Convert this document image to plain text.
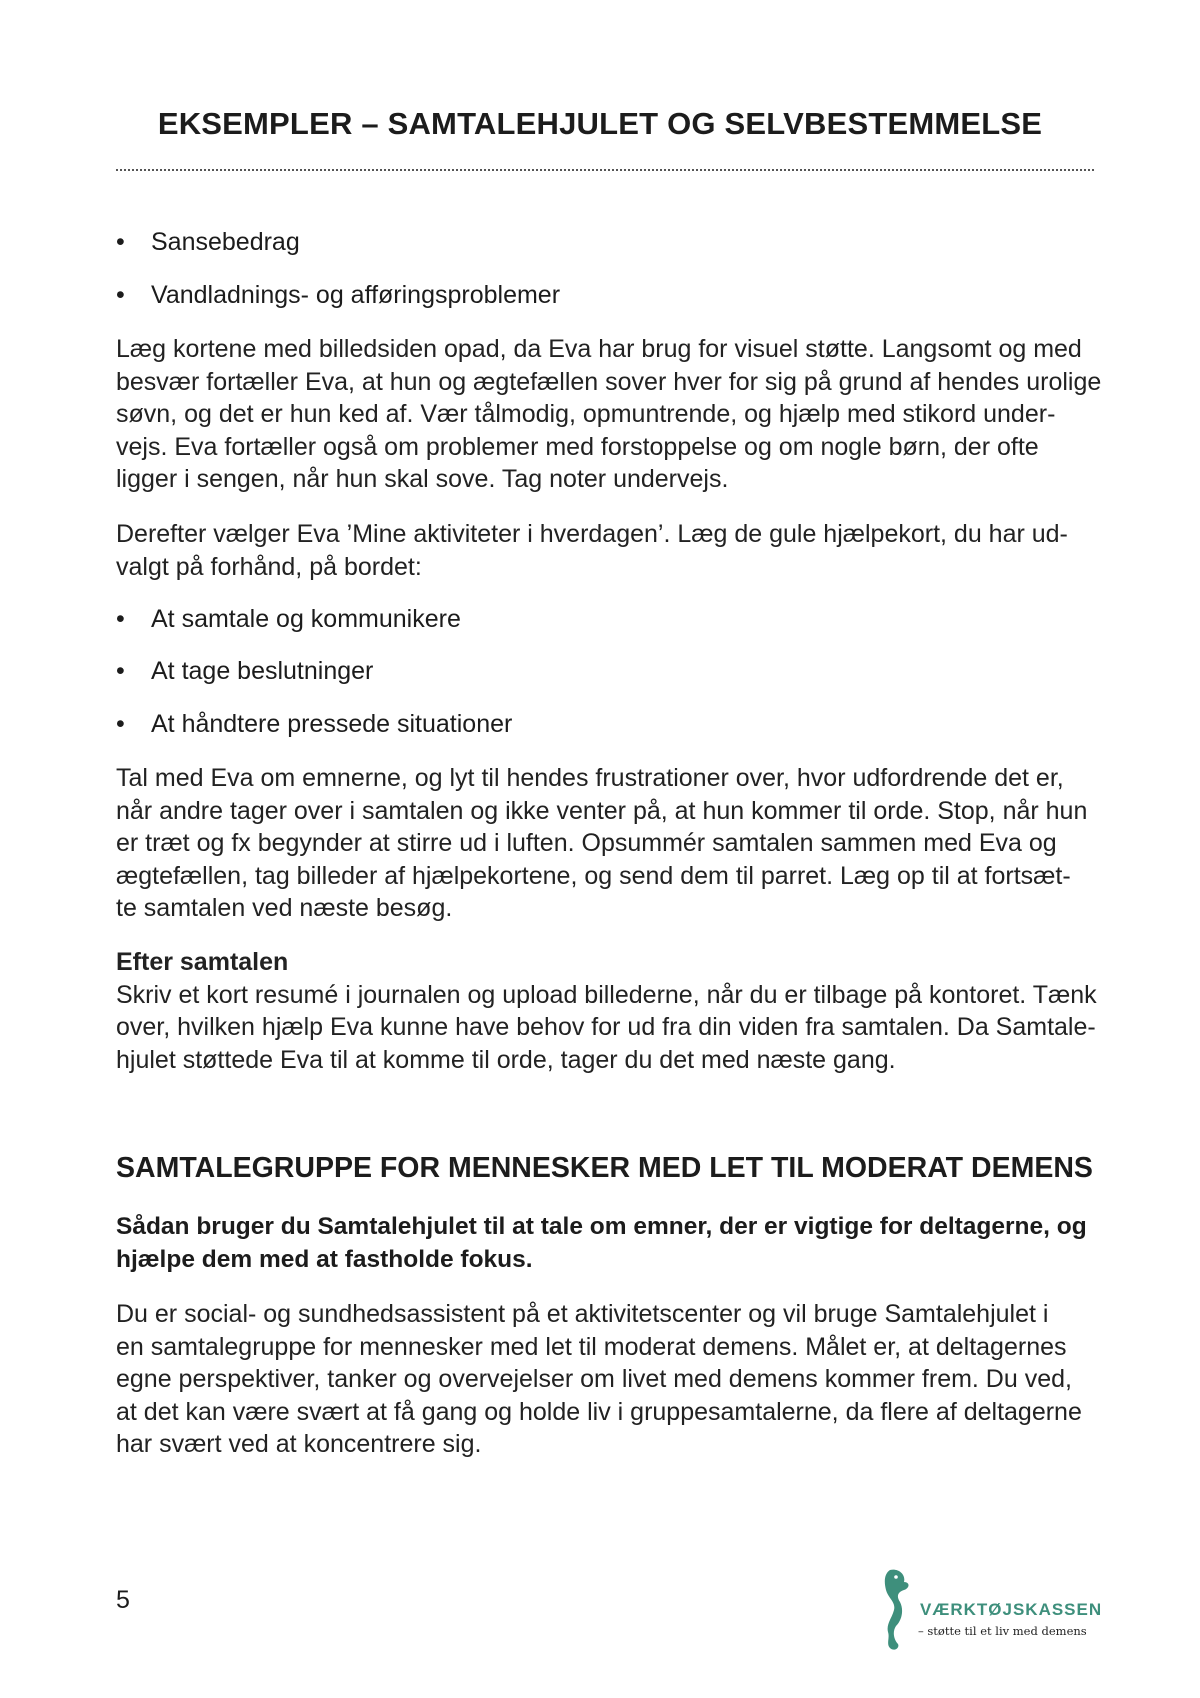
EKSEMPLER – SAMTALEHJULET OG SELVBESTEMMELSE
• Sansebedrag
• Vandladnings- og afføringsproblemer
Læg kortene med billedsiden opad, da Eva har brug for visuel støtte. Langsomt og med
besvær fortæller Eva, at hun og ægtefællen sover hver for sig på grund af hendes urolige
søvn, og det er hun ked af. Vær tålmodig, opmuntrende, og hjælp med stikord under-
vejs. Eva fortæller også om problemer med forstoppelse og om nogle børn, der ofte
ligger i sengen, når hun skal sove. Tag noter undervejs.
Derefter vælger Eva ’Mine aktiviteter i hverdagen’. Læg de gule hjælpekort, du har ud-
valgt på forhånd, på bordet:
• At samtale og kommunikere
• At tage beslutninger
• At håndtere pressede situationer
Tal med Eva om emnerne, og lyt til hendes frustrationer over, hvor udfordrende det er,
når andre tager over i samtalen og ikke venter på, at hun kommer til orde. Stop, når hun
er træt og fx begynder at stirre ud i luften. Opsummér samtalen sammen med Eva og
ægtefællen, tag billeder af hjælpekortene, og send dem til parret. Læg op til at fortsæt-
te samtalen ved næste besøg.
Efter samtalen
Skriv et kort resumé i journalen og upload billederne, når du er tilbage på kontoret. Tænk
over, hvilken hjælp Eva kunne have behov for ud fra din viden fra samtalen. Da Samtale-
hjulet støttede Eva til at komme til orde, tager du det med næste gang.
SAMTALEGRUPPE FOR MENNESKER MED LET TIL MODERAT DEMENS
Sådan bruger du Samtalehjulet til at tale om emner, der er vigtige for deltagerne, og
hjælpe dem med at fastholde fokus.
Du er social- og sundhedsassistent på et aktivitetscenter og vil bruge Samtalehjulet i
en samtalegruppe for mennesker med let til moderat demens. Målet er, at deltagernes
egne perspektiver, tanker og overvejelser om livet med demens kommer frem. Du ved,
at det kan være svært at få gang og holde liv i gruppesamtalerne, da flere af deltagerne
har svært ved at koncentrere sig.
5	VÆRKTØJSKASSEN
– støtte til et liv med demens
